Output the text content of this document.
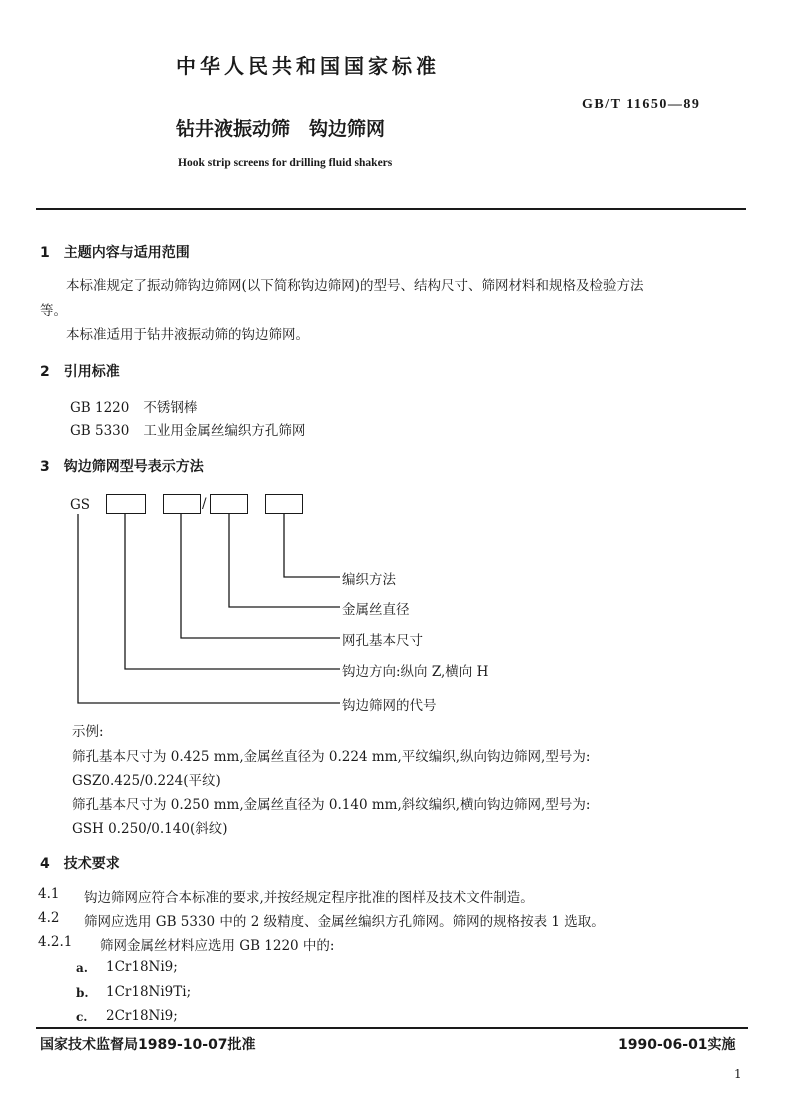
中华人民共和国国家标准
钻井液振动筛　钩边筛网
Hook strip screens for drilling fluid shakers
GB/T 11650—89
1　主题内容与适用范围
本标准规定了振动筛钩边筛网(以下简称钩边筛网)的型号、结构尺寸、筛网材料和规格及检验方法
等。
本标准适用于钻井液振动筛的钩边筛网。
2　引用标准
GB 1220 不锈钢棒
GB 5330 工业用金属丝编织方孔筛网
3　钩边筛网型号表示方法
GS	/
编织方法
金属丝直径
网孔基本尺寸
钩边方向:纵向 Z,横向 H
钩边筛网的代号
示例:
筛孔基本尺寸为 0.425 mm,金属丝直径为 0.224 mm,平纹编织,纵向钩边筛网,型号为:
GSZ0.425/0.224(平纹)
筛孔基本尺寸为 0.250 mm,金属丝直径为 0.140 mm,斜纹编织,横向钩边筛网,型号为:
GSH 0.250/0.140(斜纹)
4　技术要求
4.1 钩边筛网应符合本标准的要求,并按经规定程序批准的图样及技术文件制造。
4.2 筛网应选用 GB 5330 中的 2 级精度、金属丝编织方孔筛网。筛网的规格按表 1 选取。
4.2.1 筛网金属丝材料应选用 GB 1220 中的:
a. 1Cr18Ni9;
b. 1Cr18Ni9Ti;
c. 2Cr18Ni9;
国家技术监督局1989-10-07批准	1990-06-01实施
1
